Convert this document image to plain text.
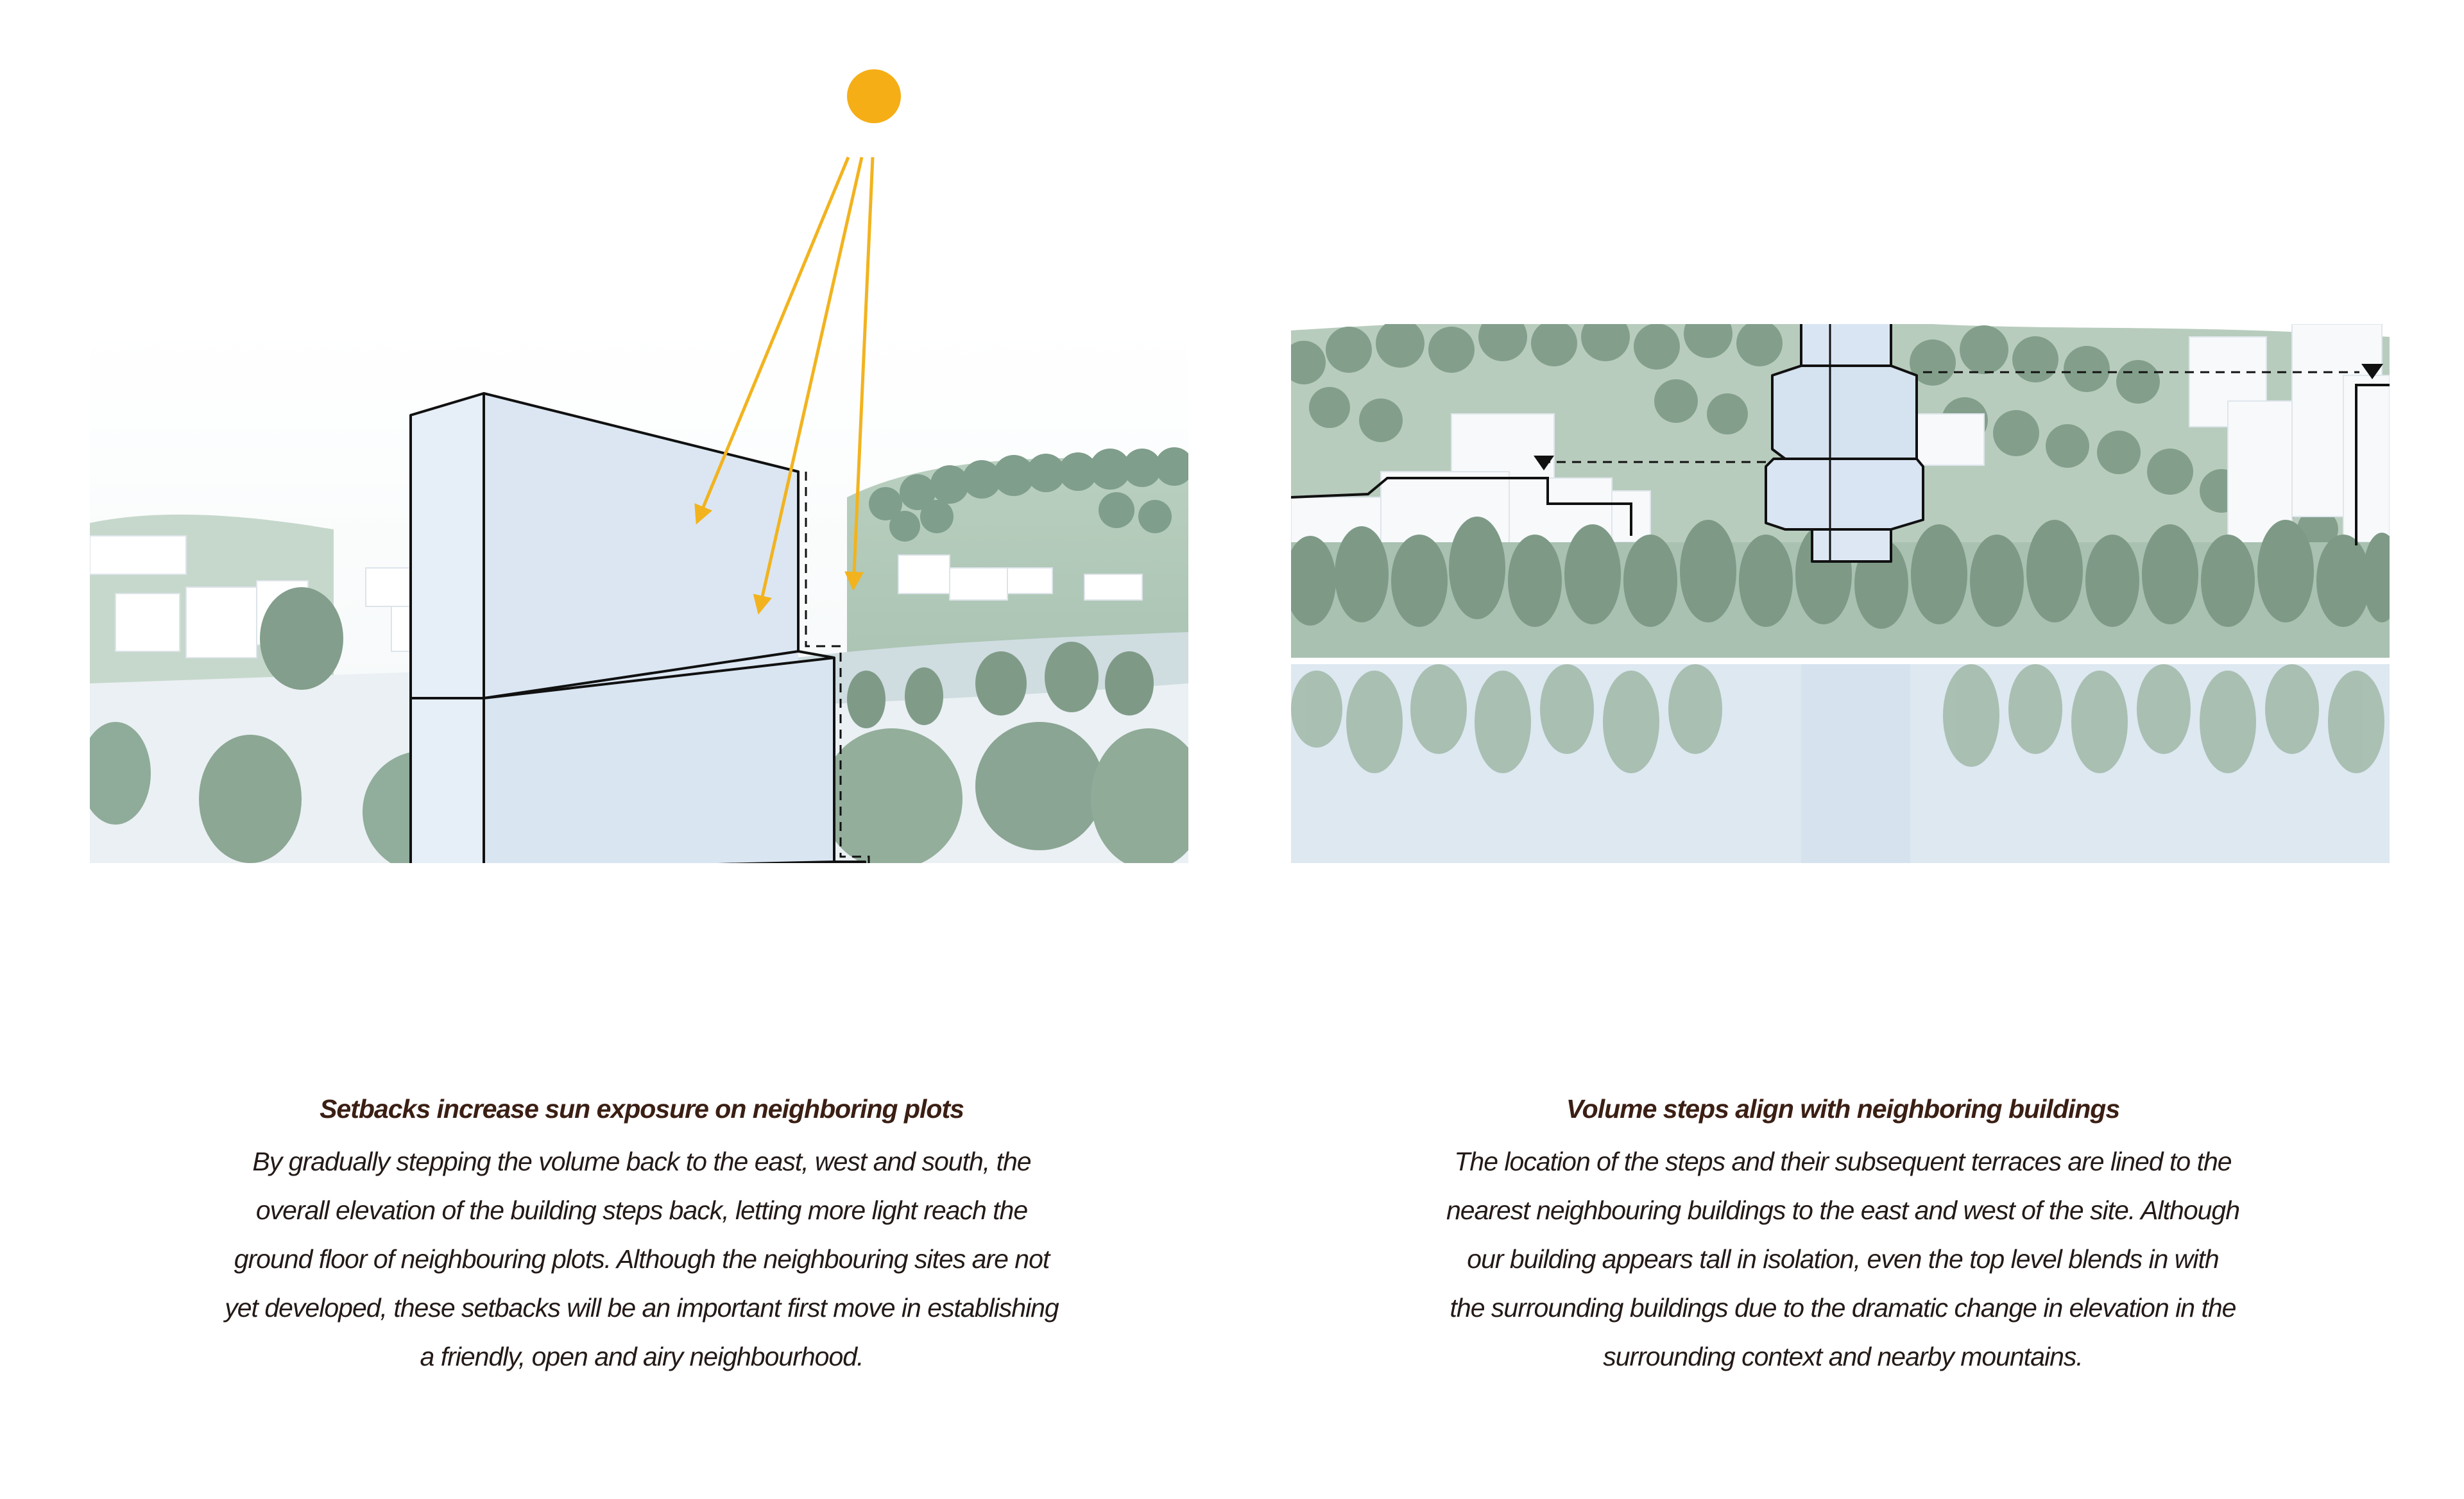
Setbacks increase sun exposure on neighboring plots

By gradually stepping the volume back to the east, west and south, the
overall elevation of the building steps back, letting more light reach the
ground floor of neighbouring plots. Although the neighbouring sites are not
yet developed, these setbacks will be an important first move in establishing
a friendly, open and airy neighbourhood.

Volume steps align with neighboring buildings

The location of the steps and their subsequent terraces are lined to the
nearest neighbouring buildings to the east and west of the site. Although
our building appears tall in isolation, even the top level blends in with
the surrounding buildings due to the dramatic change in elevation in the
surrounding context and nearby mountains.
